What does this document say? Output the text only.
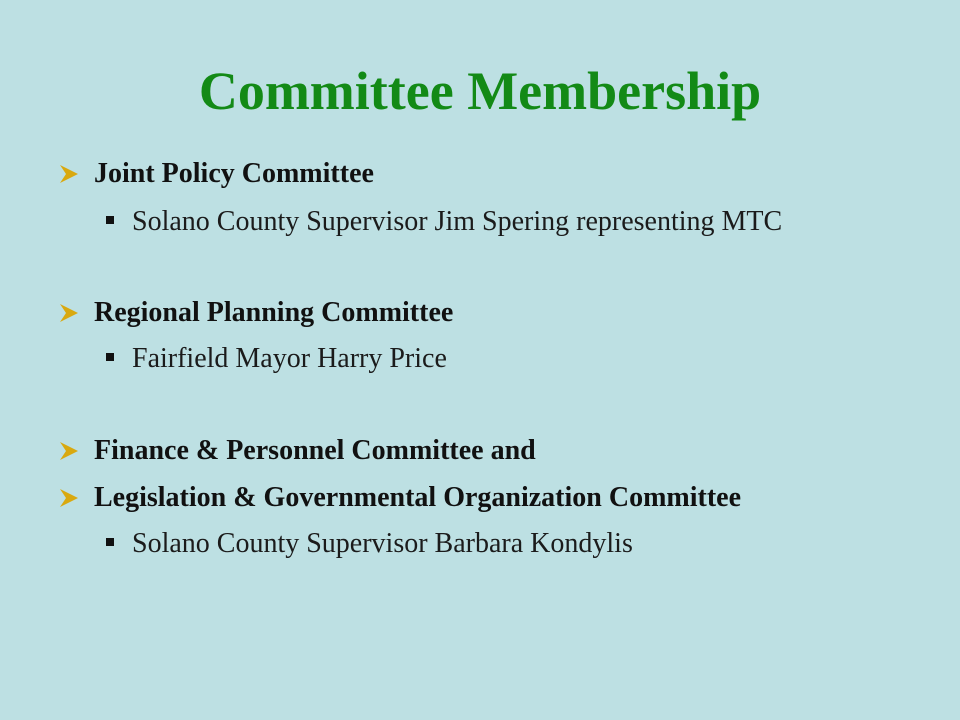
Committee Membership
Joint Policy Committee
Solano County Supervisor Jim Spering representing MTC
Regional Planning Committee
Fairfield Mayor Harry Price
Finance & Personnel Committee and
Legislation & Governmental Organization Committee
Solano County Supervisor Barbara Kondylis
